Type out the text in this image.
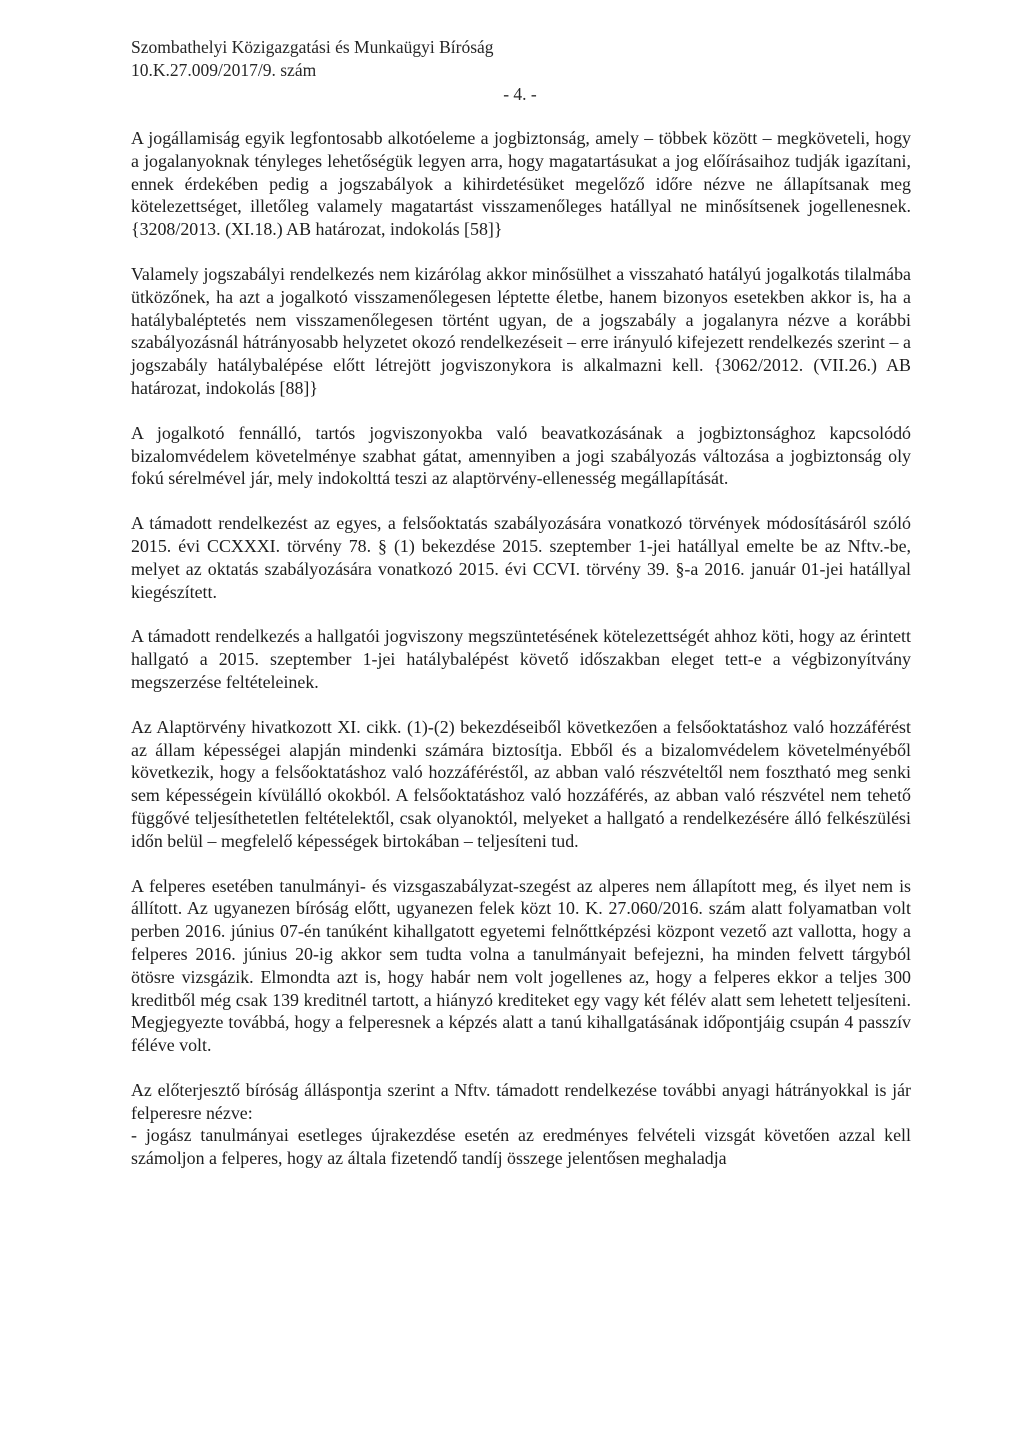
Szombathelyi Közigazgatási és Munkaügyi Bíróság
10.K.27.009/2017/9. szám
- 4. -

A jogállamiság egyik legfontosabb alkotóeleme a jogbiztonság, amely – többek között – megköveteli, hogy a jogalanyoknak tényleges lehetőségük legyen arra, hogy magatartásukat a jog előírásaihoz tudják igazítani, ennek érdekében pedig a jogszabályok a kihirdetésüket megelőző időre nézve ne állapítsanak meg kötelezettséget, illetőleg valamely magatartást visszamenőleges hatállyal ne minősítsenek jogellenesnek. {3208/2013. (XI.18.) AB határozat, indokolás [58]}

Valamely jogszabályi rendelkezés nem kizárólag akkor minősülhet a visszaható hatályú jogalkotás tilalmába ütközőnek, ha azt a jogalkotó visszamenőlegesen léptette életbe, hanem bizonyos esetekben akkor is, ha a hatálybaléptetés nem visszamenőlegesen történt ugyan, de a jogszabály a jogalanyra nézve a korábbi szabályozásnál hátrányosabb helyzetet okozó rendelkezéseit – erre irányuló kifejezett rendelkezés szerint – a jogszabály hatálybalépése előtt létrejött jogviszonykora is alkalmazni kell. {3062/2012. (VII.26.) AB határozat, indokolás [88]}

A jogalkotó fennálló, tartós jogviszonyokba való beavatkozásának a jogbiztonsághoz kapcsolódó bizalomvédelem követelménye szabhat gátat, amennyiben a jogi szabályozás változása a jogbiztonság oly fokú sérelmével jár, mely indokolttá teszi az alaptörvény-ellenesség megállapítását.

A támadott rendelkezést az egyes, a felsőoktatás szabályozására vonatkozó törvények módosításáról szóló 2015. évi CCXXXI. törvény 78. § (1) bekezdése 2015. szeptember 1-jei hatállyal emelte be az Nftv.-be, melyet az oktatás szabályozására vonatkozó 2015. évi CCVI. törvény 39. §-a 2016. január 01-jei hatállyal kiegészített.

A támadott rendelkezés a hallgatói jogviszony megszüntetésének kötelezettségét ahhoz köti, hogy az érintett hallgató a 2015. szeptember 1-jei hatálybalépést követő időszakban eleget tett-e a végbizonyítvány megszerzése feltételeinek.

Az Alaptörvény hivatkozott XI. cikk. (1)-(2) bekezdéseiből következően a felsőoktatáshoz való hozzáférést az állam képességei alapján mindenki számára biztosítja. Ebből és a bizalomvédelem követelményéből következik, hogy a felsőoktatáshoz való hozzáféréstől, az abban való részvételtől nem fosztható meg senki sem képességein kívülálló okokból. A felsőoktatáshoz való hozzáférés, az abban való részvétel nem tehető függővé teljesíthetetlen feltételektől, csak olyanoktól, melyeket a hallgató a rendelkezésére álló felkészülési időn belül – megfelelő képességek birtokában – teljesíteni tud.

A felperes esetében tanulmányi- és vizsgaszabályzat-szegést az alperes nem állapított meg, és ilyet nem is állított. Az ugyanezen bíróság előtt, ugyanezen felek közt 10. K. 27.060/2016. szám alatt folyamatban volt perben 2016. június 07-én tanúként kihallgatott egyetemi felnőttképzési központ vezető azt vallotta, hogy a felperes 2016. június 20-ig akkor sem tudta volna a tanulmányait befejezni, ha minden felvett tárgyból ötösre vizsgázik. Elmondta azt is, hogy habár nem volt jogellenes az, hogy a felperes ekkor a teljes 300 kreditből még csak 139 kreditnél tartott, a hiányzó krediteket egy vagy két félév alatt sem lehetett teljesíteni. Megjegyezte továbbá, hogy a felperesnek a képzés alatt a tanú kihallgatásának időpontjáig csupán 4 passzív féléve volt.

Az előterjesztő bíróság álláspontja szerint a Nftv. támadott rendelkezése további anyagi hátrányokkal is jár felperesre nézve:

- jogász tanulmányai esetleges újrakezdése esetén az eredményes felvételi vizsgát követően azzal kell számoljon a felperes, hogy az általa fizetendő tandíj összege jelentősen meghaladja
